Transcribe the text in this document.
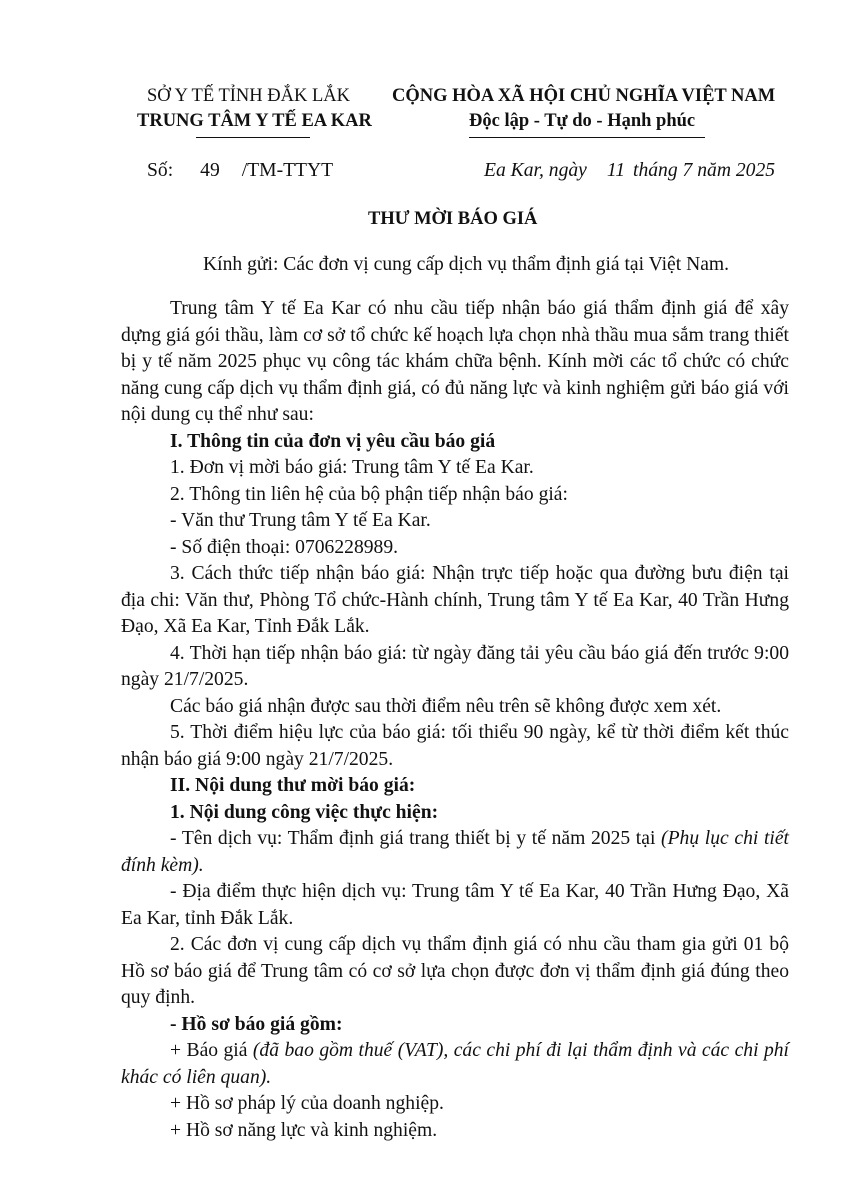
SỞ Y TẾ TỈNH ĐẮK LẮK
TRUNG TÂM Y TẾ EA KAR
CỘNG HÒA XÃ HỘI CHỦ NGHĨA VIỆT NAM
Độc lập - Tự do - Hạnh phúc
Số: 49 /TM-TTYT	Ea Kar, ngày 11 tháng 7 năm 2025
THƯ MỜI BÁO GIÁ
Kính gửi: Các đơn vị cung cấp dịch vụ thẩm định giá tại Việt Nam.

Trung tâm Y tế Ea Kar có nhu cầu tiếp nhận báo giá thẩm định giá để xây dựng giá gói thầu, làm cơ sở tổ chức kế hoạch lựa chọn nhà thầu mua sắm trang thiết bị y tế năm 2025 phục vụ công tác khám chữa bệnh. Kính mời các tổ chức có chức năng cung cấp dịch vụ thẩm định giá, có đủ năng lực và kinh nghiệm gửi báo giá với nội dung cụ thể như sau:

I. Thông tin của đơn vị yêu cầu báo giá

1. Đơn vị mời báo giá: Trung tâm Y tế Ea Kar.

2. Thông tin liên hệ của bộ phận tiếp nhận báo giá:

- Văn thư Trung tâm Y tế Ea Kar.

- Số điện thoại: 0706228989.

3. Cách thức tiếp nhận báo giá: Nhận trực tiếp hoặc qua đường bưu điện tại địa chi: Văn thư, Phòng Tổ chức-Hành chính, Trung tâm Y tế Ea Kar, 40 Trần Hưng Đạo, Xã Ea Kar, Tỉnh Đắk Lắk.

4. Thời hạn tiếp nhận báo giá: từ ngày đăng tải yêu cầu báo giá đến trước 9:00 ngày 21/7/2025.

Các báo giá nhận được sau thời điểm nêu trên sẽ không được xem xét.

5. Thời điểm hiệu lực của báo giá: tối thiểu 90 ngày, kể từ thời điểm kết thúc nhận báo giá 9:00 ngày 21/7/2025.

II. Nội dung thư mời báo giá:

1. Nội dung công việc thực hiện:

- Tên dịch vụ: Thẩm định giá trang thiết bị y tế năm 2025 tại (Phụ lục chi tiết đính kèm).

- Địa điểm thực hiện dịch vụ: Trung tâm Y tế Ea Kar, 40 Trần Hưng Đạo, Xã Ea Kar, tỉnh Đắk Lắk.

2. Các đơn vị cung cấp dịch vụ thẩm định giá có nhu cầu tham gia gửi 01 bộ Hồ sơ báo giá để Trung tâm có cơ sở lựa chọn được đơn vị thẩm định giá đúng theo quy định.

- Hồ sơ báo giá gồm:

+ Báo giá (đã bao gồm thuế (VAT), các chi phí đi lại thẩm định và các chi phí khác có liên quan).

+ Hồ sơ pháp lý của doanh nghiệp.

+ Hồ sơ năng lực và kinh nghiệm.
